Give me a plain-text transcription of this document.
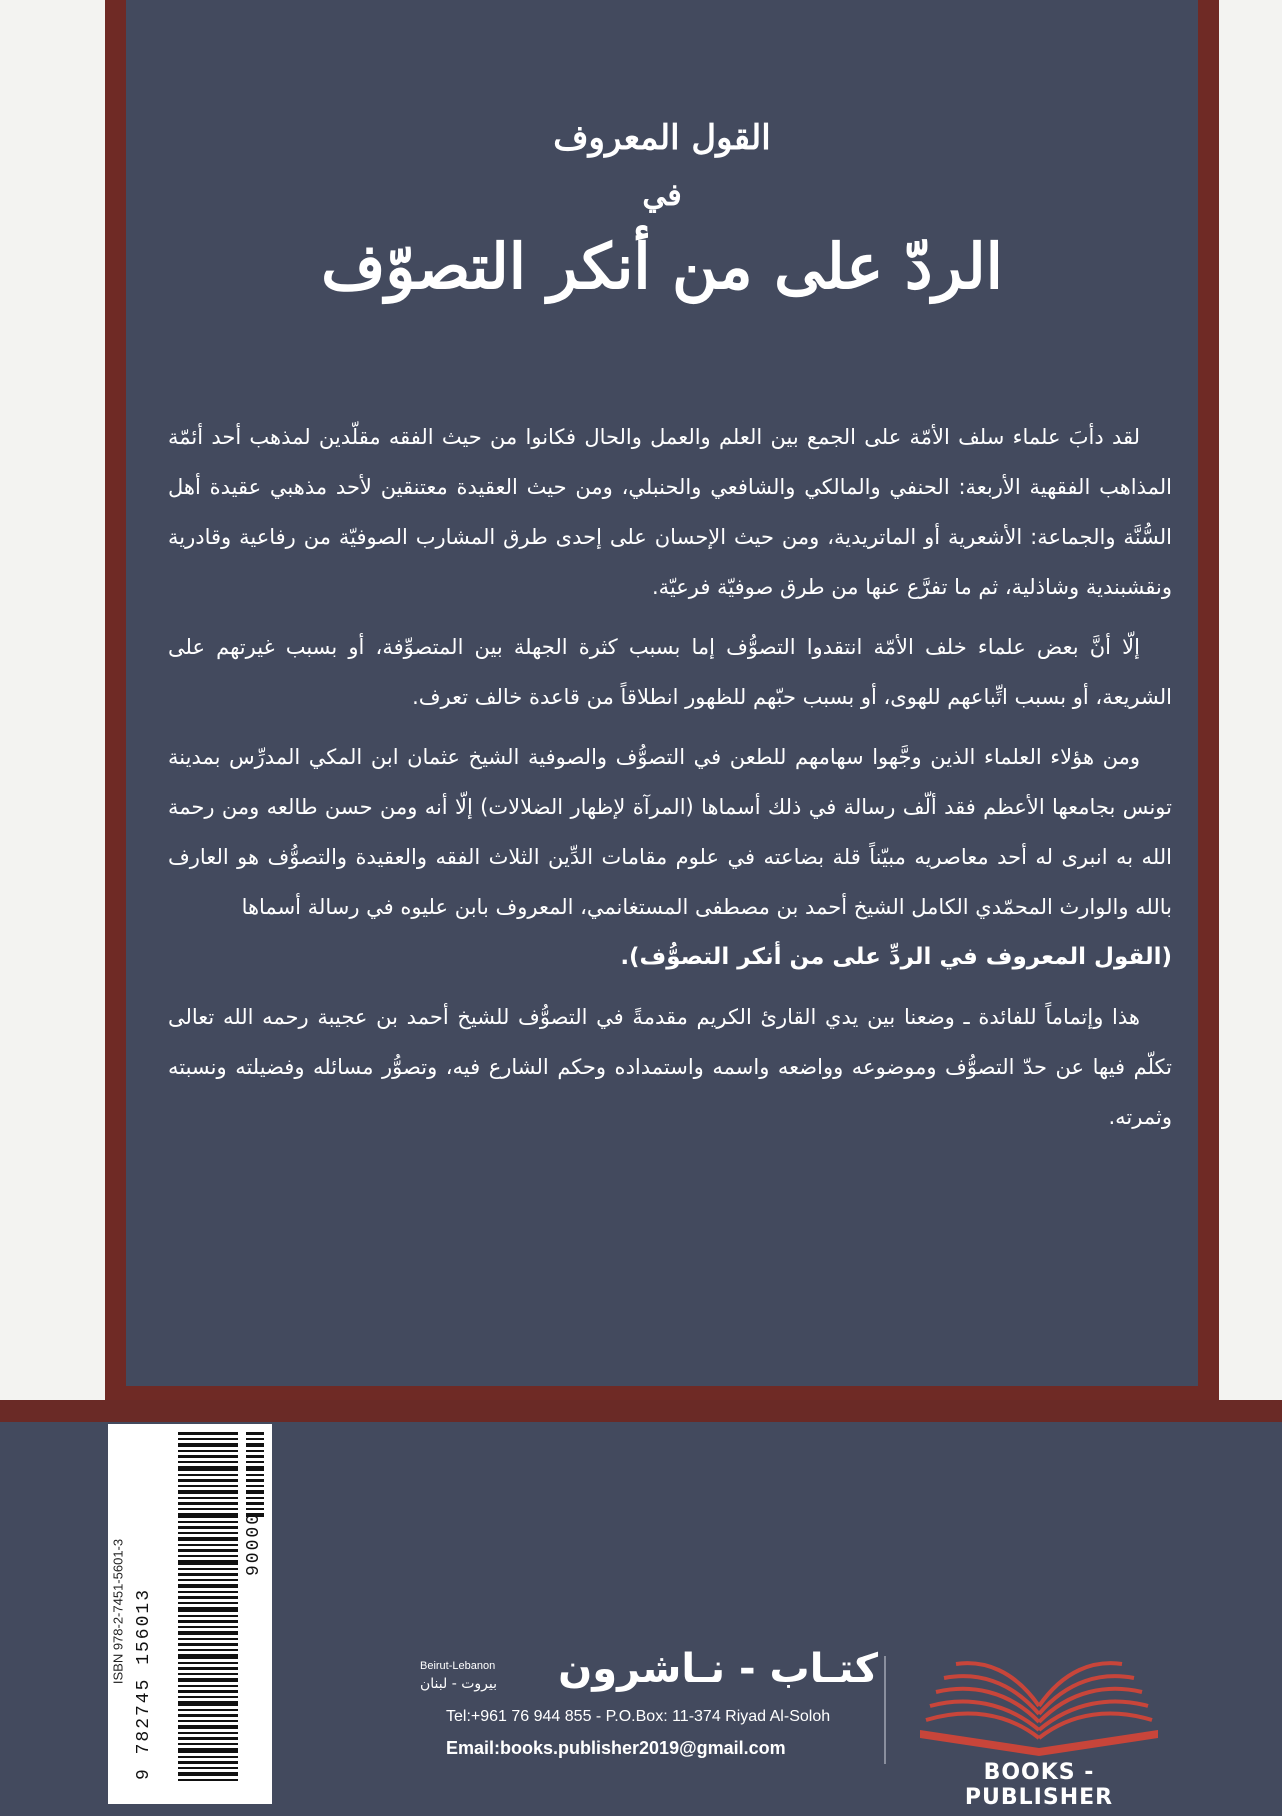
القول المعروف
في
الردّ على من أنكر التصوّف

لقد دأبَ علماء سلف الأمّة على الجمع بين العلم والعمل والحال فكانوا من حيث الفقه مقلّدين لمذهب أحد أئمّة المذاهب الفقهية الأربعة: الحنفي والمالكي والشافعي والحنبلي، ومن حيث العقيدة معتنقين لأحد مذهبي عقيدة أهل السُّنَّة والجماعة: الأشعرية أو الماتريدية، ومن حيث الإحسان على إحدى طرق المشارب الصوفيّة من رفاعية وقادرية ونقشبندية وشاذلية، ثم ما تفرَّع عنها من طرق صوفيّة فرعيّة.

إلّا أنَّ بعض علماء خلف الأمّة انتقدوا التصوُّف إما بسبب كثرة الجهلة بين المتصوِّفة، أو بسبب غيرتهم على الشريعة، أو بسبب اتِّباعهم للهوى، أو بسبب حبّهم للظهور انطلاقاً من قاعدة خالف تعرف.

ومن هؤلاء العلماء الذين وجَّهوا سهامهم للطعن في التصوُّف والصوفية الشيخ عثمان ابن المكي المدرِّس بمدينة تونس بجامعها الأعظم فقد ألّف رسالة في ذلك أسماها (المرآة لإظهار الضلالات) إلّا أنه ومن حسن طالعه ومن رحمة الله به انبرى له أحد معاصريه مبيّناً قلة بضاعته في علوم مقامات الدِّين الثلاث الفقه والعقيدة والتصوُّف هو العارف بالله والوارث المحمّدي الكامل الشيخ أحمد بن مصطفى المستغانمي، المعروف بابن عليوه في رسالة أسماها
(القول المعروف في الردِّ على من أنكر التصوُّف).

هذا وإتماماً للفائدة ـ وضعنا بين يدي القارئ الكريم مقدمةً في التصوُّف للشيخ أحمد بن عجيبة رحمه الله تعالى تكلّم فيها عن حدّ التصوُّف وموضوعه وواضعه واسمه واستمداده وحكم الشارع فيه، وتصوُّر مسائله وفضيلته ونسبته وثمرته.

9 782745 156013
90000
ISBN 978-2-7451-5601-3	Beirut-Lebanon
بيروت - لبنان	كتـاب - نـاشرون
Tel:+961 76 944 855 - P.O.Box: 11-374 Riyad Al-Soloh
Email:books.publisher2019@gmail.com
BOOKS - PUBLISHER
